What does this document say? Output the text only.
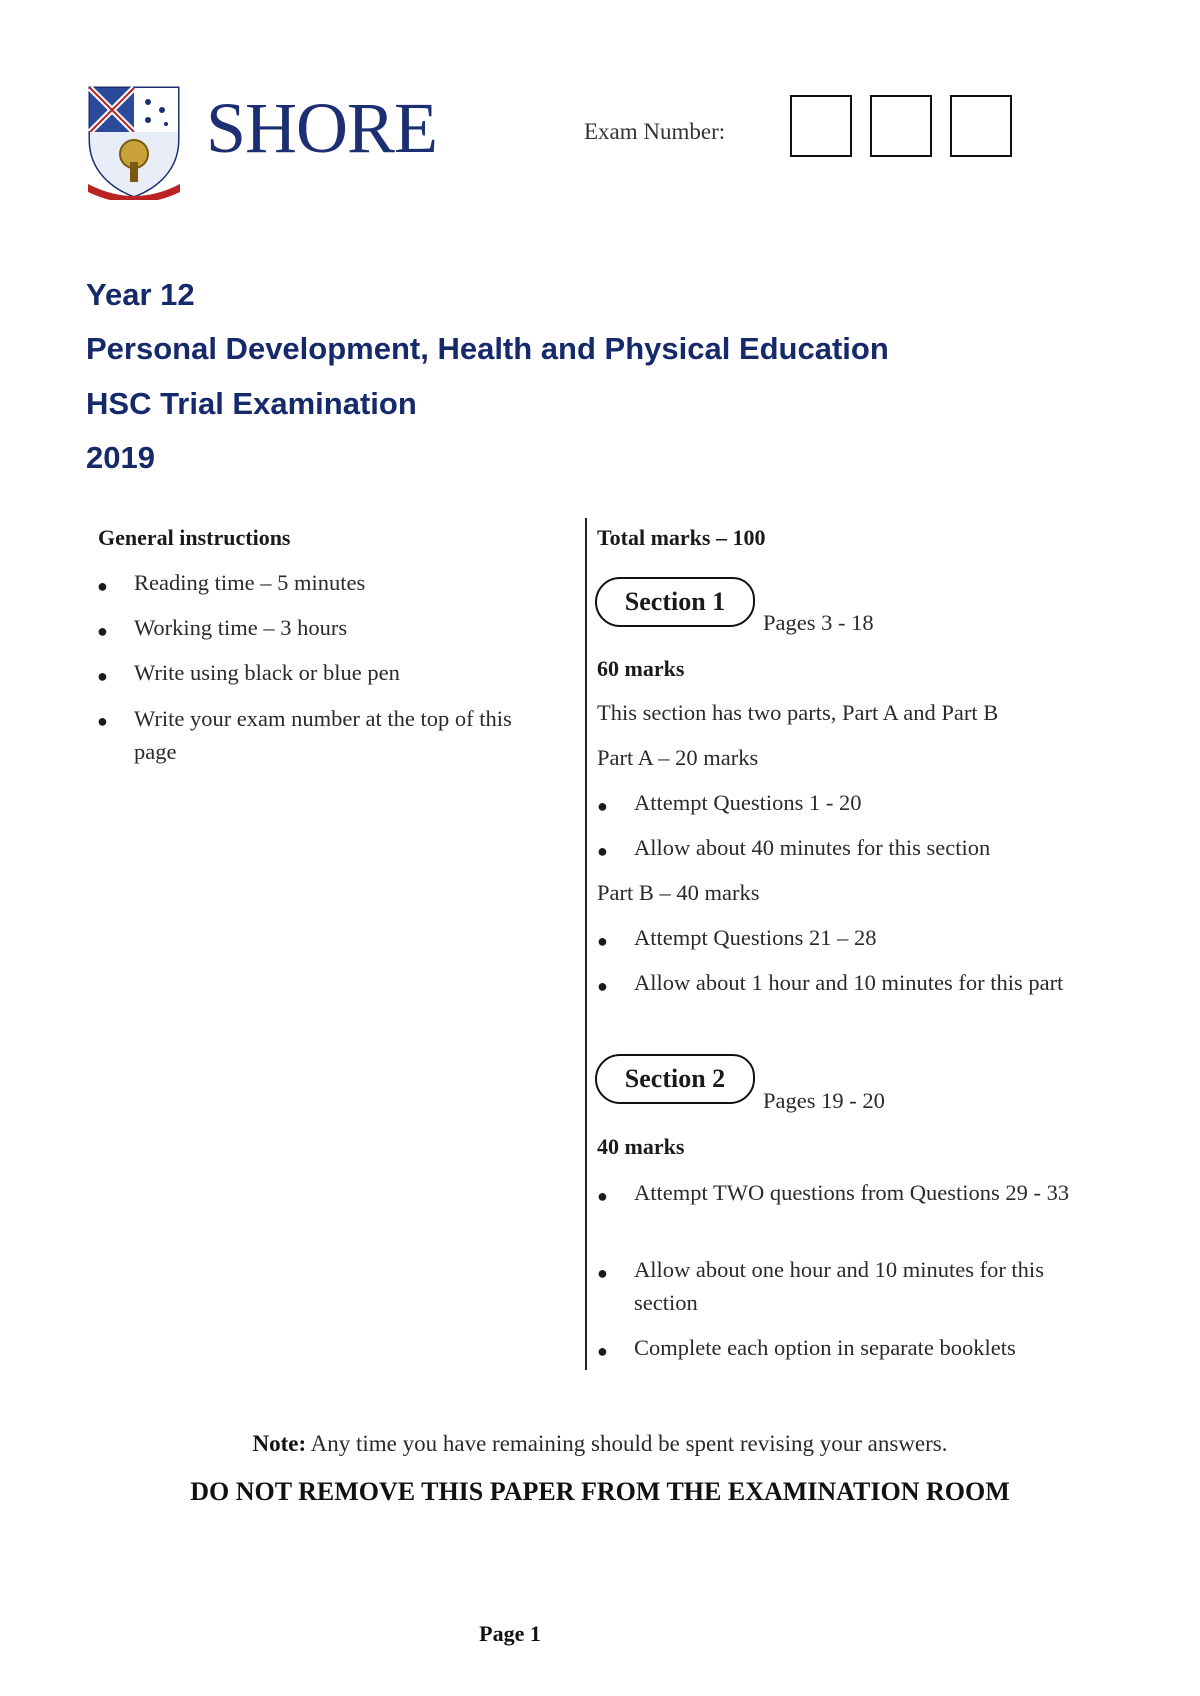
SHORE	Exam Number:
Year 12
Personal Development, Health and Physical Education
HSC Trial Examination
2019
General instructions
● Reading time – 5 minutes
● Working time – 3 hours
● Write using black or blue pen
● Write your exam number at the top of this page
Total marks – 100
Section 1
Pages 3 - 18
60 marks
This section has two parts, Part A and Part B
Part A – 20 marks
● Attempt Questions 1 - 20
● Allow about 40 minutes for this section
Part B – 40 marks
● Attempt Questions 21 – 28
● Allow about 1 hour and 10 minutes for this part
Section 2
Pages 19 - 20
40 marks
● Attempt TWO questions from Questions 29 - 33
● Allow about one hour and 10 minutes for this section
● Complete each option in separate booklets
Note: Any time you have remaining should be spent revising your answers.
DO NOT REMOVE THIS PAPER FROM THE EXAMINATION ROOM
Page 1
